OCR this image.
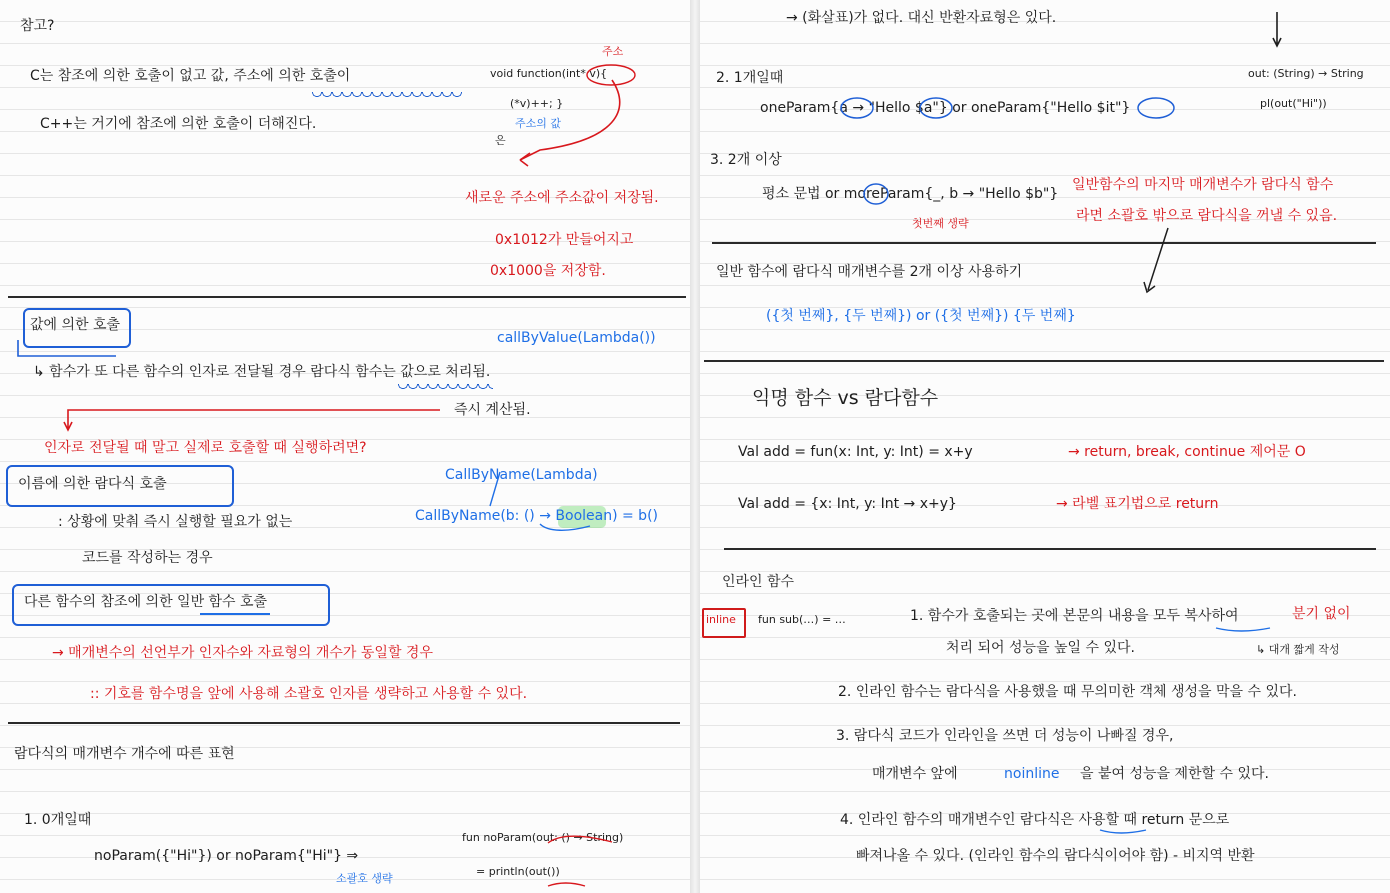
참고?
C는 참조에 의한 호출이 없고 값, 주소에 의한 호출이
C++는 거기에 참조에 의한 호출이 더해진다.
void function(int* v){
주소
(*v)++; }
은
주소의 값
새로운 주소에 주소값이 저장됨.
0x1012가 만들어지고
0x1000을 저장함.
값에 의한 호출
callByValue(Lambda())
↳ 함수가 또 다른 함수의 인자로 전달될 경우 람다식 함수는 값으로 처리됨.
즉시 계산됨.
인자로 전달될 때 말고 실제로 호출할 때 실행하려면?
이름에 의한 람다식 호출
CallByName(Lambda)
CallByName(b: () → Boolean) = b()
: 상황에 맞춰 즉시 실행할 필요가 없는
코드를 작성하는 경우
다른 함수의 참조에 의한 일반 함수 호출
→ 매개변수의 선언부가 인자수와 자료형의 개수가 동일할 경우
:: 기호를 함수명을 앞에 사용해 소괄호 인자를 생략하고 사용할 수 있다.
람다식의 매개변수 개수에 따른 표현
1. 0개일때
noParam({"Hi"}) or noParam{"Hi"} ⇒
fun noParam(out: () → String)
= println(out())
소괄호 생략
→ (화살표)가 없다. 대신 반환자료형은 있다.
2. 1개일때
oneParam{a → "Hello $a"} or oneParam{"Hello $it"}
out: (String) → String
pl(out("Hi"))
3. 2개 이상
평소 문법 or moreParam{_, b → "Hello $b"}
첫번째 생략
일반함수의 마지막 매개변수가 람다식 함수
라면 소괄호 밖으로 람다식을 꺼낼 수 있음.
일반 함수에 람다식 매개변수를 2개 이상 사용하기
({첫 번째}, {두 번째}) or ({첫 번째}) {두 번째}
익명 함수 vs 람다함수
Val add = fun(x: Int, y: Int) = x+y	→ return, break, continue 제어문 O
Val add = {x: Int, y: Int → x+y}	→ 라벨 표기법으로 return
인라인 함수
inline fun sub(…) = …	1. 함수가 호출되는 곳에 본문의 내용을 모두 복사하여	분기 없이
처리 되어 성능을 높일 수 있다.	↳ 대개 짧게 작성
2. 인라인 함수는 람다식을 사용했을 때 무의미한 객체 생성을 막을 수 있다.
3. 람다식 코드가 인라인을 쓰면 더 성능이 나빠질 경우,
매개변수 앞에	noinline 을 붙여 성능을 제한할 수 있다.
4. 인라인 함수의 매개변수인 람다식은 사용할 때 return 문으로
빠져나올 수 있다. (인라인 함수의 람다식이어야 함) - 비지역 반환
